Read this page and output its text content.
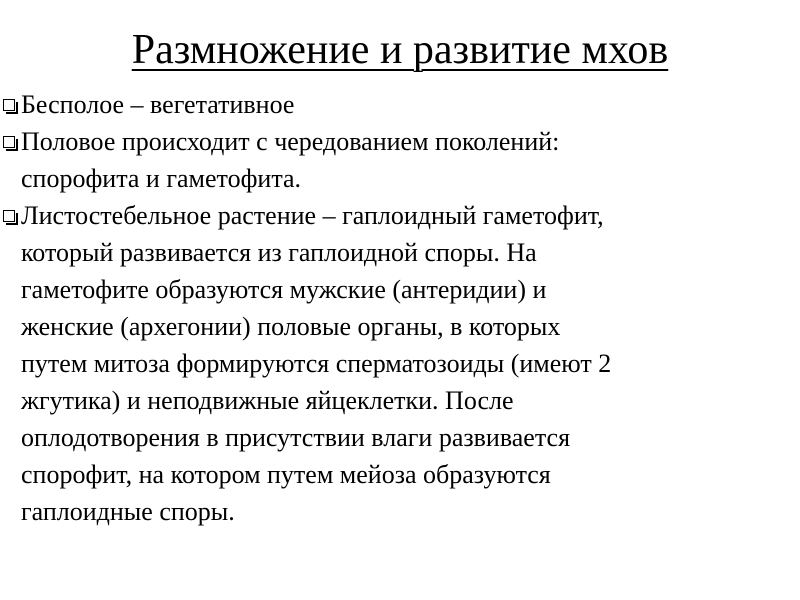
Размножение и развитие мхов
Бесполое – вегетативное
Половое происходит с чередованием поколений:
спорофита и гаметофита.
Листостебельное растение – гаплоидный гаметофит,
который развивается из гаплоидной споры. На
гаметофите образуются мужские (антеридии) и
женские (архегонии) половые органы, в которых
путем митоза формируются сперматозоиды (имеют 2
жгутика) и неподвижные яйцеклетки. После
оплодотворения в присутствии влаги развивается
спорофит, на котором путем мейоза образуются
гаплоидные споры.
